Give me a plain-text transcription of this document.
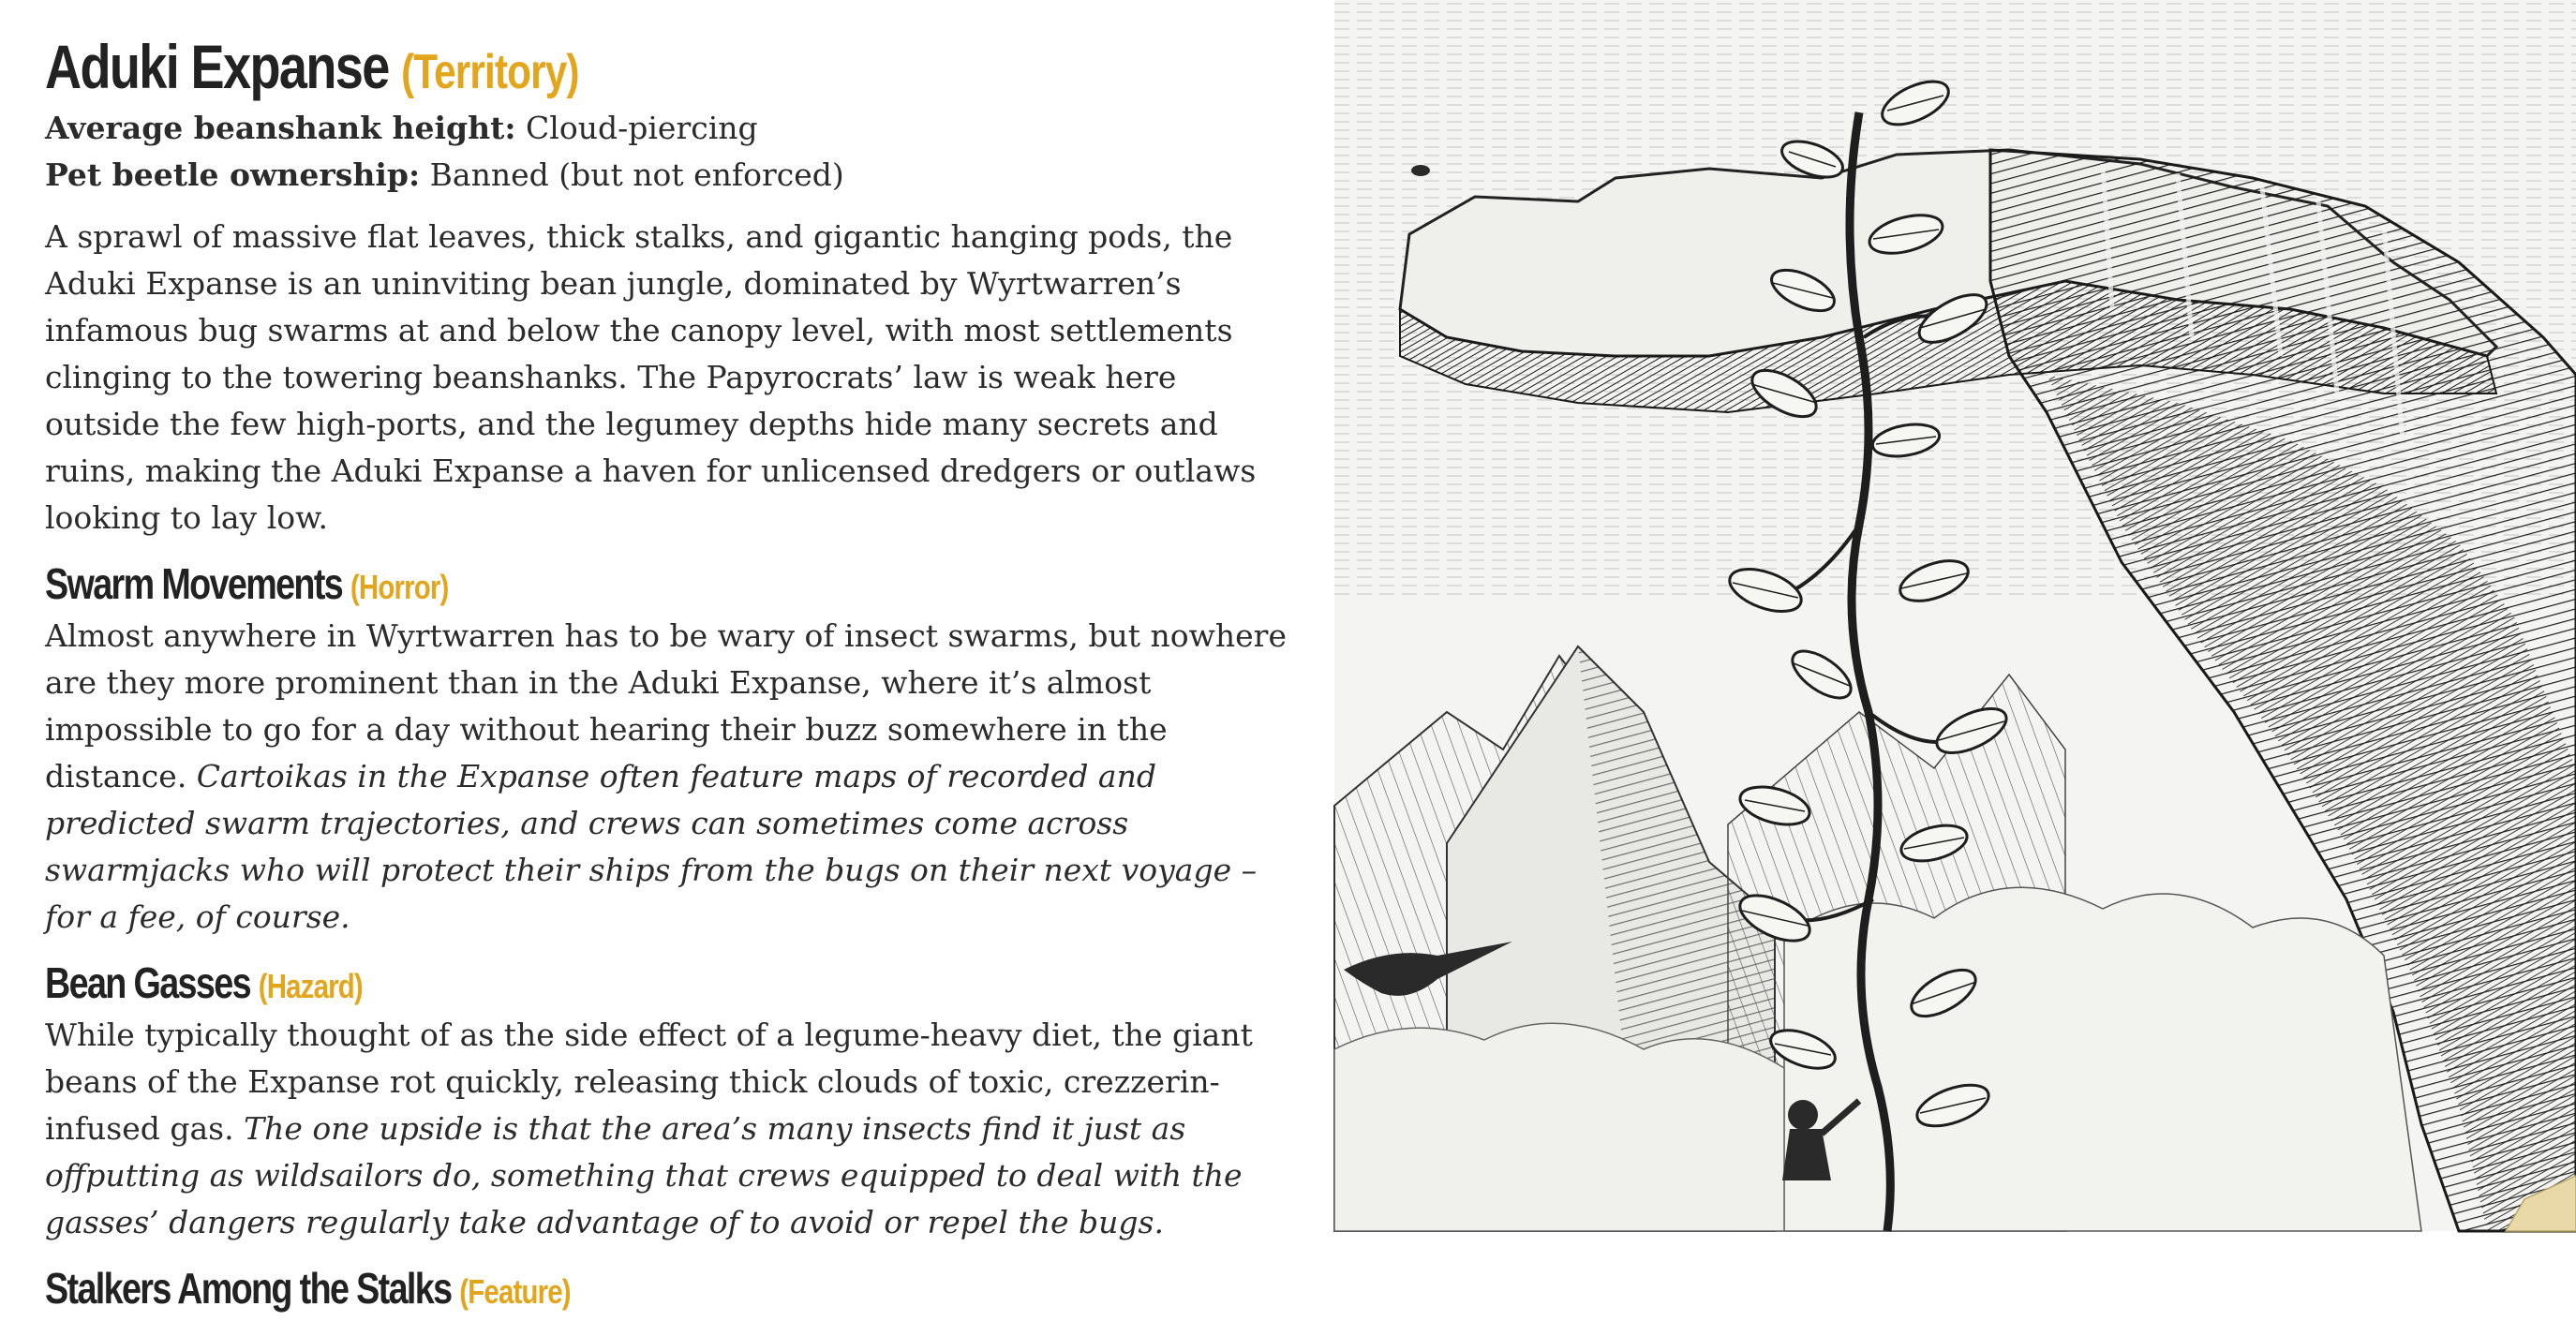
Aduki Expanse (Territory)
Average beanshank height: Cloud-piercing
Pet beetle ownership: Banned (but not enforced)

A sprawl of massive flat leaves, thick stalks, and gigantic hanging pods, the Aduki Expanse is an uninviting bean jungle, dominated by Wyrtwarren’s infamous bug swarms at and below the canopy level, with most settlements clinging to the towering beanshanks. The Papyrocrats’ law is weak here outside the few high-ports, and the legumey depths hide many secrets and ruins, making the Aduki Expanse a haven for unlicensed dredgers or outlaws looking to lay low.

Swarm Movements (Horror)

Almost anywhere in Wyrtwarren has to be wary of insect swarms, but nowhere are they more prominent than in the Aduki Expanse, where it’s almost impossible to go for a day without hearing their buzz somewhere in the distance. Cartoikas in the Expanse often feature maps of recorded and predicted swarm trajectories, and crews can sometimes come across swarmjacks who will protect their ships from the bugs on their next voyage – for a fee, of course.

Bean Gasses (Hazard)

While typically thought of as the side effect of a legume-heavy diet, the giant beans of the Expanse rot quickly, releasing thick clouds of toxic, crezzerin-infused gas. The one upside is that the area’s many insects find it just as offputting as wildsailors do, something that crews equipped to deal with the gasses’ dangers regularly take advantage of to avoid or repel the bugs.

Stalkers Among the Stalks (Feature)
